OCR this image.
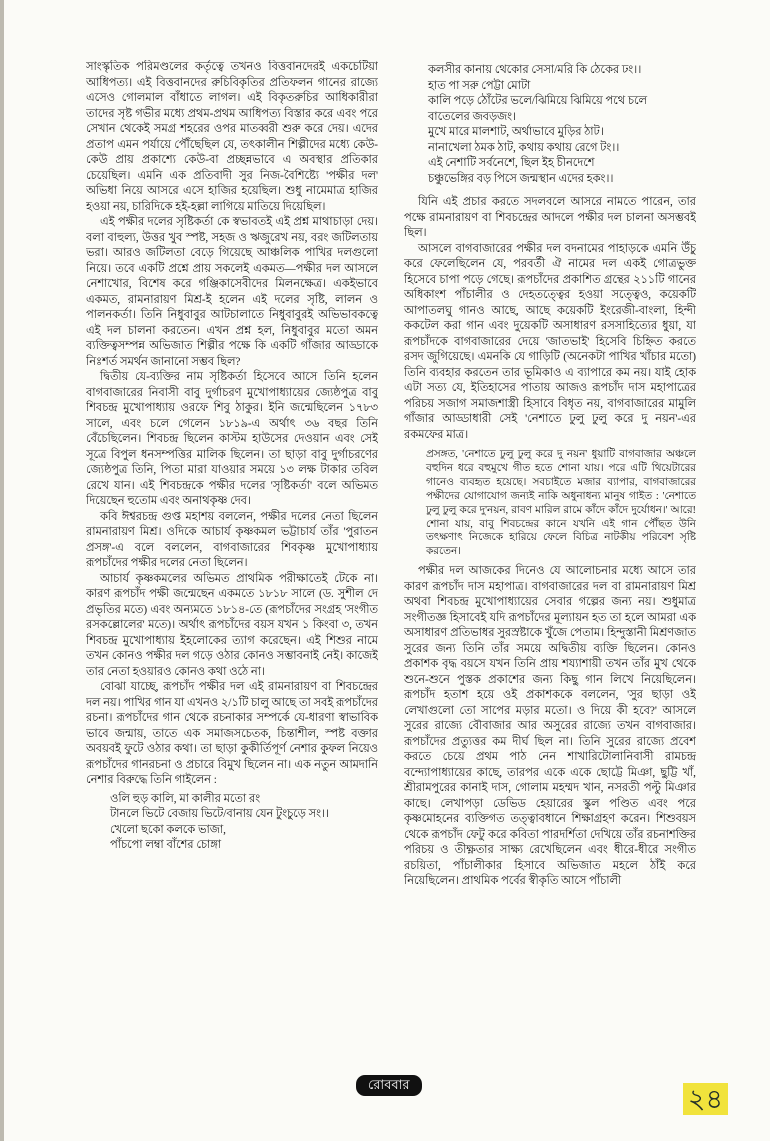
সাংস্কৃতিক পরিমণ্ডলের কর্তৃত্বে তখনও বিত্তবানদেরই একচেটিয়া আধিপত্য। এই বিত্তবানদের রুচিবিকৃতির প্রতিফলন গানের রাজ্যে এসেও গোলমাল বাঁধাতে লাগল। এই বিকৃতরুচির আধিকারীরা তাদের সৃষ্ট গভীর মধ্যে প্রথম-প্রথম আধিপত্য বিস্তার করে এবং পরে সেখান থেকেই সমগ্র শহরের ওপর মাতব্বরী শুরু করে দেয়। এদের প্রতাপ এমন পর্যায়ে পৌঁছেছিল যে, তৎকালীন শিল্পীদের মধ্যে কেউ-কেউ প্রায় প্রকাশ্যে কেউ-বা প্রচ্ছন্নভাবে এ অবস্থার প্রতিকার চেয়েছিল। এমনি এক প্রতিবাদী সুর নিজ-বৈশিষ্ট্যে 'পক্ষীর দল' অভিধা নিয়ে আসরে এসে হাজির হয়েছিল। শুধু নামেমাত্র হাজির হওয়া নয়, চারিদিকে হই-হল্লা লাগিয়ে মাতিয়ে দিয়েছিল।

এই পক্ষীর দলের সৃষ্টিকর্তা কে স্বভাবতই এই প্রশ্ন মাথাচাড়া দেয়। বলা বাহুল্য, উত্তর খুব স্পষ্ট, সহজ ও ঋজুরেখ নয়, বরং জটিলতায় ভরা। আরও জটিলতা বেড়ে গিয়েছে আঞ্চলিক পাখির দলগুলো নিয়ে। তবে একটি প্রশ্নে প্রায় সকলেই একমত—পক্ষীর দল আসলে নেশাখোর, বিশেষ করে গঞ্জিকাসেবীদের মিলনক্ষেত্র। একইভাবে একমত, রামনারায়ণ মিশ্র-ই হলেন এই দলের সৃষ্টি, লালন ও পালনকর্তা। তিনি নিধুবাবুর আটচালাতে নিধুবাবুরই অভিভাবকত্বে এই দল চালনা করতেন। এখন প্রশ্ন হল, নিধুবাবুর মতো অমন ব্যক্তিত্বসম্পন্ন অভিজাত শিল্পীর পক্ষে কি একটি গাঁজার আড্ডাকে নিঃশর্ত সমর্থন জানানো সম্ভব ছিল?

দ্বিতীয় যে-ব্যক্তির নাম সৃষ্টিকর্তা হিসেবে আসে তিনি হলেন বাগবাজারের নিবাসী বাবু দুর্গাচরণ মুখোপাধ্যায়ের জ্যেষ্ঠপুত্র বাবু শিবচন্দ্র মুখোপাধ্যায় ওরফে শিবু ঠাকুর। ইনি জন্মেছিলেন ১৭৮৩ সালে, এবং চলে গেলেন ১৮১৯-এ অর্থাৎ ৩৬ বছর তিনি বেঁচেছিলেন। শিবচন্দ্র ছিলেন কাস্টম হাউসের দেওয়ান এবং সেই সূত্রে বিপুল ধনসম্পত্তির মালিক ছিলেন। তা ছাড়া বাবু দুর্গাচরণের জ্যেষ্ঠপুত্র তিনি, পিতা মারা যাওয়ার সময়ে ১৩ লক্ষ টাকার তবিল রেখে যান। এই শিবচন্দ্রকে পক্ষীর দলের 'সৃষ্টিকর্তা' বলে অভিমত দিয়েছেন হুতোম এবং অনাথকৃষ্ণ দেব।

কবি ঈশ্বরচন্দ্র গুপ্ত মহাশয় বললেন, পক্ষীর দলের নেতা ছিলেন রামনারায়ণ মিশ্র। ওদিকে আচার্য কৃষ্ণকমল ভট্টাচার্য তাঁর 'পুরাতন প্রসঙ্গ'-এ বলে বললেন, বাগবাজারের শিবকৃষ্ণ মুখোপাধ্যায় রূপচাঁদের পক্ষীর দলের নেতা ছিলেন।

আচার্য কৃষ্ণকমলের অভিমত প্রাথমিক পরীক্ষাতেই টেকে না। কারণ রূপচাঁদ পক্ষী জন্মেছেন একমতে ১৮১৮ সালে (ড. সুশীল দে প্রভৃতির মতে) এবং অন্যমতে ১৮১৪-তে (রূপচাঁদের সংগ্রহ 'সংগীত রসকল্লোলের' মতে)। অর্থাৎ রূপচাঁদের বয়স যখন ১ কিংবা ৩, তখন শিবচন্দ্র মুখোপাধ্যায় ইহলোকের ত্যাগ করেছেন। এই শিশুর নামে তখন কোনও পক্ষীর দল গড়ে ওঠার কোনও সম্ভাবনাই নেই। কাজেই তার নেতা হওয়ারও কোনও কথা ওঠে না।

বোঝা যাচ্ছে, রূপচাঁদ পক্ষীর দল এই রামনারায়ণ বা শিবচন্দ্রের দল নয়। পাখির গান যা এখনও ২/১টি চালু আছে তা সবই রূপচাঁদের রচনা। রূপচাঁদের গান থেকে রচনাকার সম্পর্কে যে-ধারণা স্বাভাবিক ভাবে জন্মায়, তাতে এক সমাজসচেতক, চিন্তাশীল, স্পষ্ট বক্তার অবয়বই ফুটে ওঠার কথা। তা ছাড়া কুকীর্তিপূর্ণ নেশার কুফল নিয়েও রূপচাঁদের গানরচনা ও প্রচারে বিমুখ ছিলেন না। এক নতুন আমদানি নেশার বিরুদ্ধে তিনি গাইলেন :

ওলি হুড় কালি, মা কালীর মতো রং
টানলে ভিটে বেজায় ভিটে/বানায় যেন টুংচুড়ে সং।।
খেলো ছকো কলকে ভাজা,
পাঁচপো লম্বা বাঁশের চোঙ্গা
কলসীর কানায় থেকোর সেসা/মরি কি ঠেকের ঢং।।
হাত পা সরু পেট্টা মোটা
কালি পড়ে ঠোঁটের ভলে/ঝিমিয়ে ঝিমিয়ে পথে চলে
বাতেলের জবড়জং।
মুখে মারে মালশাট, অর্থাভাবে মুড়ির ঠাট।
নানাখেলা ঠমক ঠাট, কথায় কথায় রেগে টং।।
এই নেশাটি সর্বনেশে, ছিল ইহ চীনদেশে
চঞ্চুভেঙ্গির বড় পিসে জন্মস্থান এদের হকং।।

যিনি এই প্রচার করতে সদলবলে আসরে নামতে পারেন, তার পক্ষে রামনারায়ণ বা শিবচন্দ্রের আদলে পক্ষীর দল চালনা অসম্ভবই ছিল।

আসলে বাগবাজারের পক্ষীর দল বদনামের পাহাড়কে এমনি উঁচু করে ফেলেছিলেন যে, পরবর্তী ঐ নামের দল একই গোত্রভুক্ত হিসেবে চাপা পড়ে গেছে। রূপচাঁদের প্রকাশিত গ্রন্থের ২১১টি গানের অধিকাংশ পাঁচালীর ও দেহতত্ত্বের হওয়া সত্ত্বেও, কয়েকটি আপাতলঘু গানও আছে, আছে কয়েকটি ইংরেজী-বাংলা, হিন্দী ককটেল করা গান এবং দুয়েকটি অসাধারণ রসসাহিত্যের ধুয়া, যা রূপচাঁদকে বাগবাজারের দেয়ে 'জাতভাই' হিসেবি চিহ্নিত করতে রসদ জুগিয়েছে। এমনকি যে গাড়িটি (অনেকটা পাখির খাঁচার মতো) তিনি ব্যবহার করতেন তার ভূমিকাও এ ব্যাপারে কম নয়। যাই হোক এটা সত্য যে, ইতিহাসের পাতায় আজও রূপচাঁদ দাস মহাপাত্রের পরিচয় সজাগ সমাজশাস্ত্রী হিসাবে বিধৃত নয়, বাগবাজারের মামুলি গাঁজার আড্ডাধারী সেই 'নেশাতে ঢুলু ঢুলু করে দু নয়ন'-এর রকমফের মাত্র।

প্রসঙ্গত, 'নেশাতে ঢুলু ঢুলু করে দু নয়ন' ধুয়াটি বাগবাজার অঞ্চলে বহুদিন ধরে বহুমুখে গীত হতে শোনা যায়। পরে এটি থিয়েটারের গানেও ব্যবহৃত হয়েছে। সবচাইতে মজার ব্যাপার, বাগবাজারের পক্ষীদের যোগাযোগ জন্যই নাকি অধুনাধন্য মানুষ গাইত : 'নেশাতে ঢুলু ঢুলু করে দু'নয়ন, রাবণ মারিল রামে কাঁদে কাঁদে দুর্যোধন।' আরে! শোনা যায়, বাবু শিবচন্দ্রের কানে যখনি এই গান পৌঁছত উনি তৎক্ষণাৎ নিজেকে হারিয়ে ফেলে বিচিত্র নাটকীয় পরিবেশ সৃষ্টি করতেন।

পক্ষীর দল আজকের দিনেও যে আলোচনার মধ্যে আসে তার কারণ রূপচাঁদ দাস মহাপাত্র। বাগবাজারের দল বা রামনারায়ণ মিশ্র অথবা শিবচন্দ্র মুখোপাধ্যায়ের সেবার গল্পের জন্য নয়। শুধুমাত্র সংগীতজ্ঞ হিসাবেই যদি রূপচাঁদের মূল্যায়ন হত তা হলে আমরা এক অসাধারণ প্রতিভাধর সুরস্রষ্টাকে খুঁজে পেতাম। হিন্দুস্তানী মিশ্রণজাত সুরের জন্য তিনি তাঁর সময়ে অদ্বিতীয় ব্যক্তি ছিলেন। কোনও প্রকাশক বৃদ্ধ বয়সে যখন তিনি প্রায় শয্যাশায়ী তখন তাঁর মুখ থেকে শুনে-শুনে পুস্তক প্রকাশের জন্য কিছু গান লিখে নিয়েছিলেন। রূপচাঁদ হতাশ হয়ে ওই প্রকাশককে বললেন, 'সুর ছাড়া ওই লেখাগুলো তো সাপের মড়ার মতো। ও দিয়ে কী হবে?' আসলে সুরের রাজ্যে বৌবাজার আর অসুরের রাজ্যে তখন বাগবাজার। রূপচাঁদের প্রত্যুত্তর কম দীর্ঘ ছিল না। তিনি সুরের রাজ্যে প্রবেশ করতে চেয়ে প্রথম পাঠ নেন শাখারিটোলানিবাসী রামচন্দ্র বন্দ্যোপাধ্যায়ের কাছে, তারপর একে একে ছোট্টে মিঞা, ছুট্টি খাঁ, শ্রীরামপুরের কানাই দাস, গোলাম মহম্মদ খান, নসরতী পল্টু মিঞার কাছে। লেখাপড়া ডেভিড হেয়ারের স্কুল পণ্ডিত এবং পরে কৃষ্ণমোহনের ব্যক্তিগত তত্ত্বাবধানে শিক্ষাগ্রহণ করেন। শিশুবয়স থেকে রূপচাঁদ ফেটু করে কবিতা পারদর্শিতা দেখিয়ে তাঁর রচনাশক্তির পরিচয় ও তীক্ষ্ণতার সাক্ষ্য রেখেছিলেন এবং ধীরে-ধীরে সংগীত রচয়িতা, পাঁচালীকার হিসাবে অভিজাত মহলে ঠাঁই করে নিয়েছিলেন। প্রাথমিক পর্বের স্বীকৃতি আসে পাঁচালী

রোববার	২৪
